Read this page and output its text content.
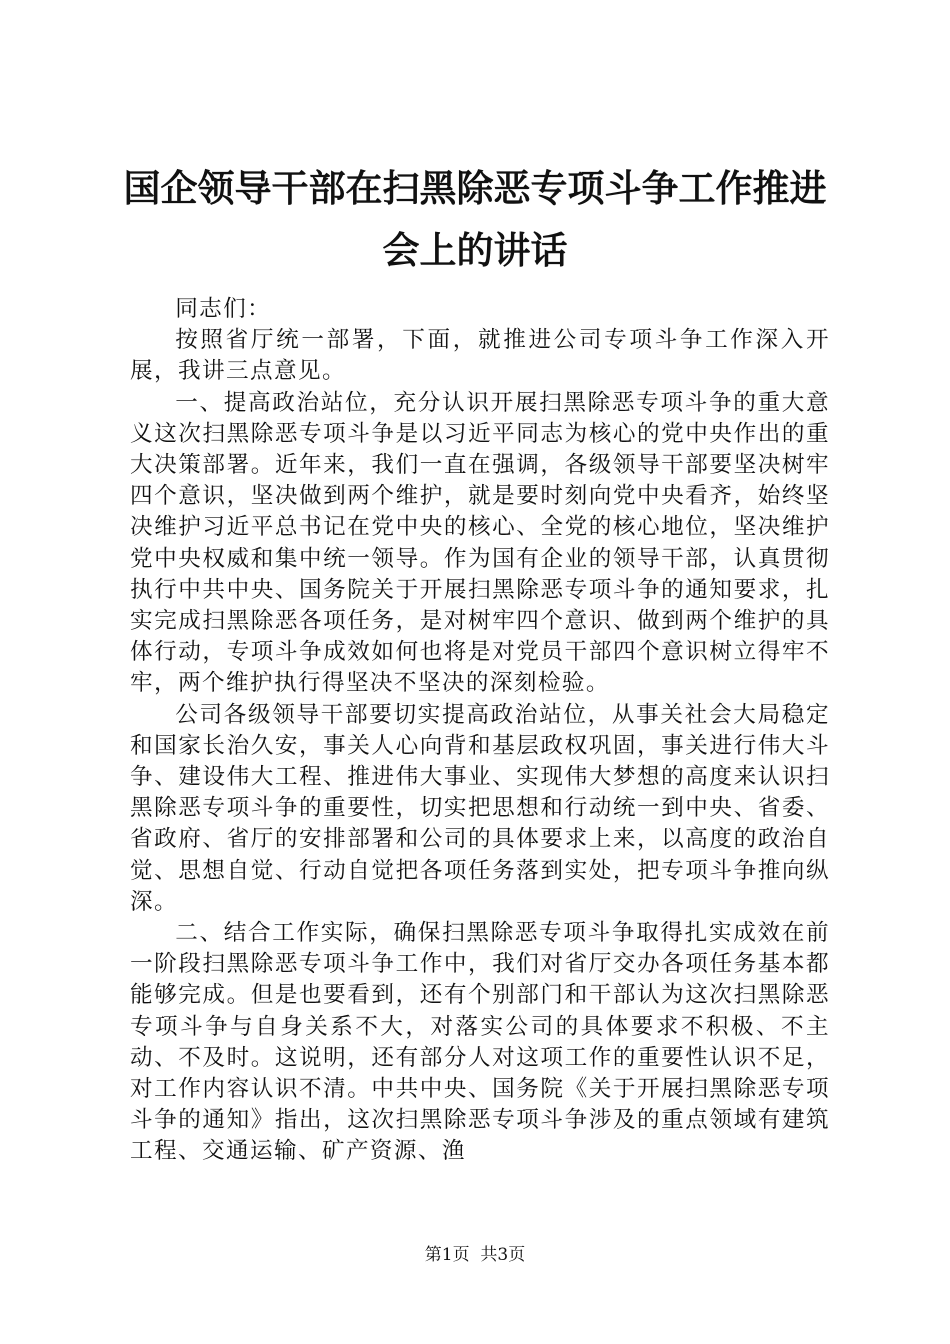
国企领导干部在扫黑除恶专项斗争工作推进会上的讲话

同志们：

按照省厅统一部署，下面，就推进公司专项斗争工作深入开展，我讲三点意见。

一、提高政治站位，充分认识开展扫黑除恶专项斗争的重大意义这次扫黑除恶专项斗争是以习近平同志为核心的党中央作出的重大决策部署。近年来，我们一直在强调，各级领导干部要坚决树牢四个意识，坚决做到两个维护，就是要时刻向党中央看齐，始终坚决维护习近平总书记在党中央的核心、全党的核心地位，坚决维护党中央权威和集中统一领导。作为国有企业的领导干部，认真贯彻执行中共中央、国务院关于开展扫黑除恶专项斗争的通知要求，扎实完成扫黑除恶各项任务，是对树牢四个意识、做到两个维护的具体行动，专项斗争成效如何也将是对党员干部四个意识树立得牢不牢，两个维护执行得坚决不坚决的深刻检验。

公司各级领导干部要切实提高政治站位，从事关社会大局稳定和国家长治久安，事关人心向背和基层政权巩固，事关进行伟大斗争、建设伟大工程、推进伟大事业、实现伟大梦想的高度来认识扫黑除恶专项斗争的重要性，切实把思想和行动统一到中央、省委、省政府、省厅的安排部署和公司的具体要求上来，以高度的政治自觉、思想自觉、行动自觉把各项任务落到实处，把专项斗争推向纵深。

二、结合工作实际，确保扫黑除恶专项斗争取得扎实成效在前一阶段扫黑除恶专项斗争工作中，我们对省厅交办各项任务基本都能够完成。但是也要看到，还有个别部门和干部认为这次扫黑除恶专项斗争与自身关系不大，对落实公司的具体要求不积极、不主动、不及时。这说明，还有部分人对这项工作的重要性认识不足，对工作内容认识不清。中共中央、国务院《关于开展扫黑除恶专项斗争的通知》指出，这次扫黑除恶专项斗争涉及的重点领域有建筑工程、交通运输、矿产资源、渔

第1页 共3页
